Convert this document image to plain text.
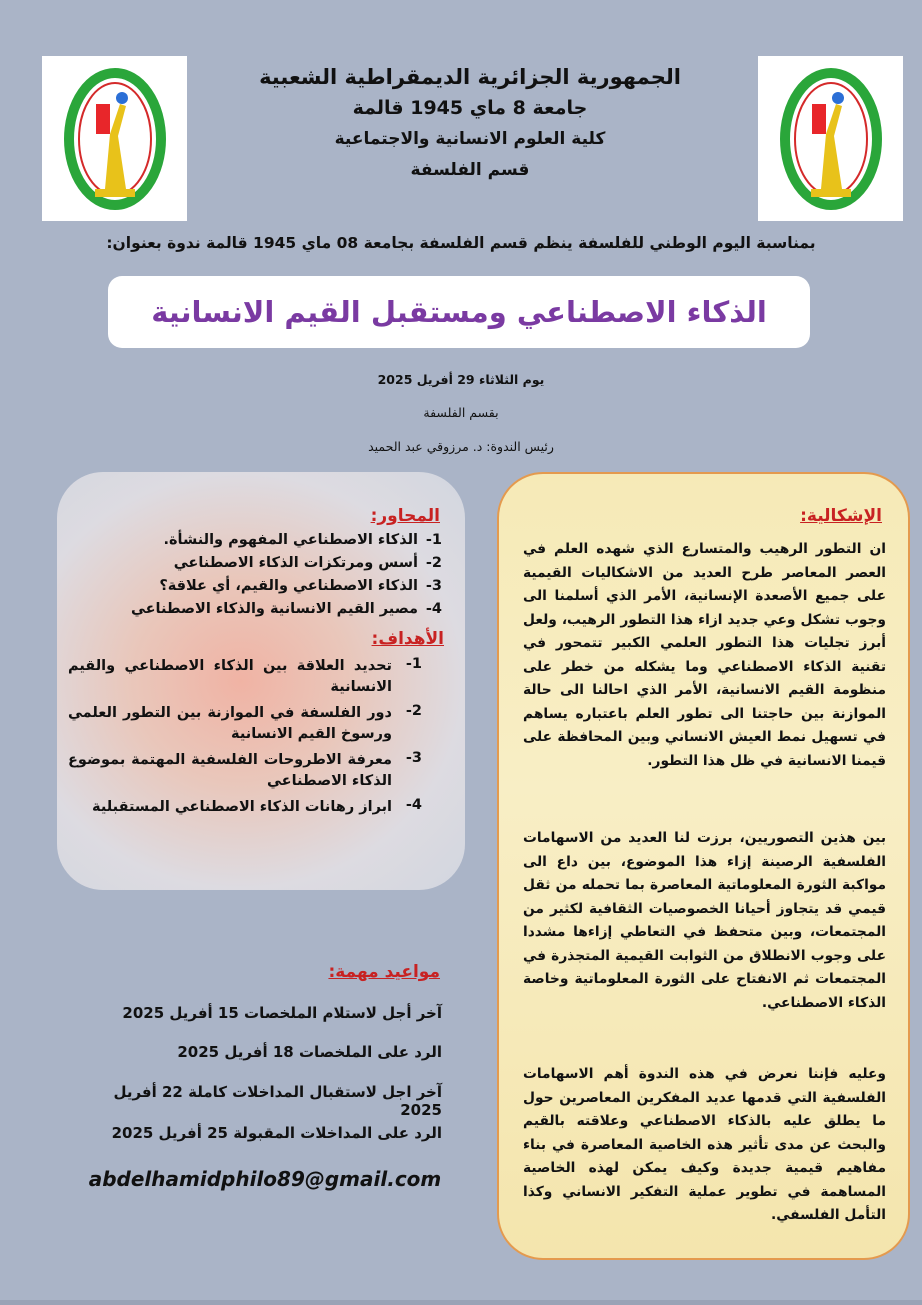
الجمهورية الجزائرية الديمقراطية الشعبية
جامعة 8 ماي 1945 قالمة
كلية العلوم الانسانية والاجتماعية
قسم الفلسفة
بمناسبة اليوم الوطني للفلسفة ينظم قسم الفلسفة بجامعة 08 ماي 1945 قالمة ندوة بعنوان:
الذكاء الاصطناعي ومستقبل القيم الانسانية
يوم الثلاثاء 29 أفريل 2025
بقسم الفلسفة
رئيس الندوة: د. مرزوقي عبد الحميد
المحاور:
1-
الذكاء الاصطناعي المفهوم والنشأة.
2-
أسس ومرتكزات الذكاء الاصطناعي
3-
الذكاء الاصطناعي والقيم، أي علاقة؟
4-
مصير القيم الانسانية والذكاء الاصطناعي
الأهداف:
1-
تحديد العلاقة بين الذكاء الاصطناعي والقيم الانسانية
2-
دور الفلسفة في الموازنة بين التطور العلمي ورسوخ القيم الانسانية
3-
معرفة الاطروحات الفلسفية المهتمة بموضوع الذكاء الاصطناعي
4-
ابراز رهانات الذكاء الاصطناعي المستقبلية
مواعيد مهمة:
آخر أجل لاستلام الملخصات 15 أفريل 2025
الرد على الملخصات 18 أفريل 2025
آخر اجل لاستقبال المداخلات كاملة 22 أفريل 2025
الرد على المداخلات المقبولة 25 أفريل 2025
abdelhamidphilo89@gmail.com
الإشكالية:
ان التطور الرهيب والمتسارع الذي شهده العلم في العصر المعاصر طرح العديد من الاشكاليات القيمية على جميع الأصعدة الإنسانية، الأمر الذي أسلمنا الى وجوب تشكل وعي جديد ازاء هذا التطور الرهيب، ولعل أبرز تجليات هذا التطور العلمي الكبير تتمحور في تقنية الذكاء الاصطناعي وما يشكله من خطر على منظومة القيم الانسانية، الأمر الذي احالنا الى حالة الموازنة بين حاجتنا الى تطور العلم باعتباره يساهم في تسهيل نمط العيش الانساني وبين المحافظة على قيمنا الانسانية في ظل هذا التطور.
بين هذين التصوريين، برزت لنا العديد من الاسهامات الفلسفية الرصينة إزاء هذا الموضوع، بين داع الى مواكبة الثورة المعلوماتية المعاصرة بما تحمله من ثقل قيمي قد يتجاوز أحيانا الخصوصيات الثقافية لكثير من المجتمعات، وبين متحفظ في التعاطي إزاءها مشددا على وجوب الانطلاق من الثوابت القيمية المتجذرة في المجتمعات ثم الانفتاح على الثورة المعلوماتية وخاصة الذكاء الاصطناعي.
وعليه فإننا نعرض في هذه الندوة أهم الاسهامات الفلسفية التي قدمها عديد المفكرين المعاصرين حول ما يطلق عليه بالذكاء الاصطناعي وعلاقته بالقيم والبحث عن مدى تأثير هذه الخاصية المعاصرة في بناء مفاهيم قيمية جديدة وكيف يمكن لهذه الخاصية المساهمة في تطوير عملية التفكير الانساني وكذا التأمل الفلسفي.
